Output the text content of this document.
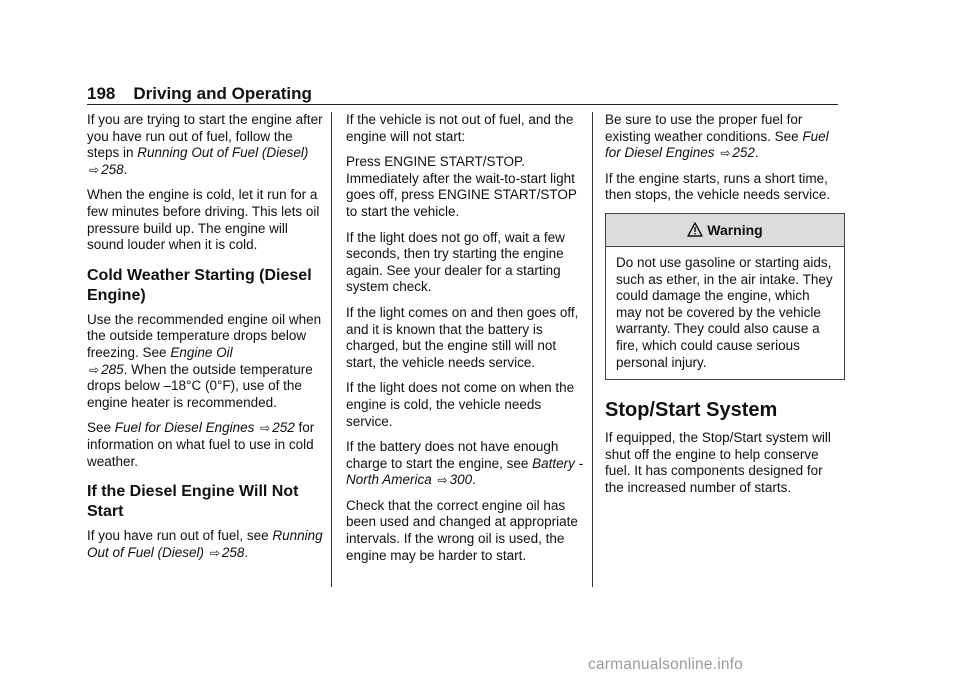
198 Driving and Operating

If you are trying to start the engine after you have run out of fuel, follow the steps in Running Out of Fuel (Diesel) ⇨ 258.

When the engine is cold, let it run for a few minutes before driving. This lets oil pressure build up. The engine will sound louder when it is cold.

Cold Weather Starting (Diesel Engine)

Use the recommended engine oil when the outside temperature drops below freezing. See Engine Oil
⇨ 285. When the outside temperature drops below –18°C (0°F), use of the engine heater is recommended.

See Fuel for Diesel Engines ⇨ 252 for information on what fuel to use in cold weather.

If the Diesel Engine Will Not Start

If you have run out of fuel, see Running Out of Fuel (Diesel) ⇨ 258.

If the vehicle is not out of fuel, and the engine will not start:

Press ENGINE START/STOP. Immediately after the wait-to-start light goes off, press ENGINE START/STOP to start the vehicle.

If the light does not go off, wait a few seconds, then try starting the engine again. See your dealer for a starting system check.

If the light comes on and then goes off, and it is known that the battery is charged, but the engine still will not start, the vehicle needs service.

If the light does not come on when the engine is cold, the vehicle needs service.

If the battery does not have enough charge to start the engine, see Battery - North America ⇨ 300.

Check that the correct engine oil has been used and changed at appropriate intervals. If the wrong oil is used, the engine may be harder to start.

Be sure to use the proper fuel for existing weather conditions. See Fuel for Diesel Engines ⇨ 252.

If the engine starts, runs a short time, then stops, the vehicle needs service.

Warning
Do not use gasoline or starting aids, such as ether, in the air intake. They could damage the engine, which may not be covered by the vehicle warranty. They could also cause a fire, which could cause serious personal injury.
Stop/Start System

If equipped, the Stop/Start system will shut off the engine to help conserve fuel. It has components designed for the increased number of starts.

carmanualsonline.info
